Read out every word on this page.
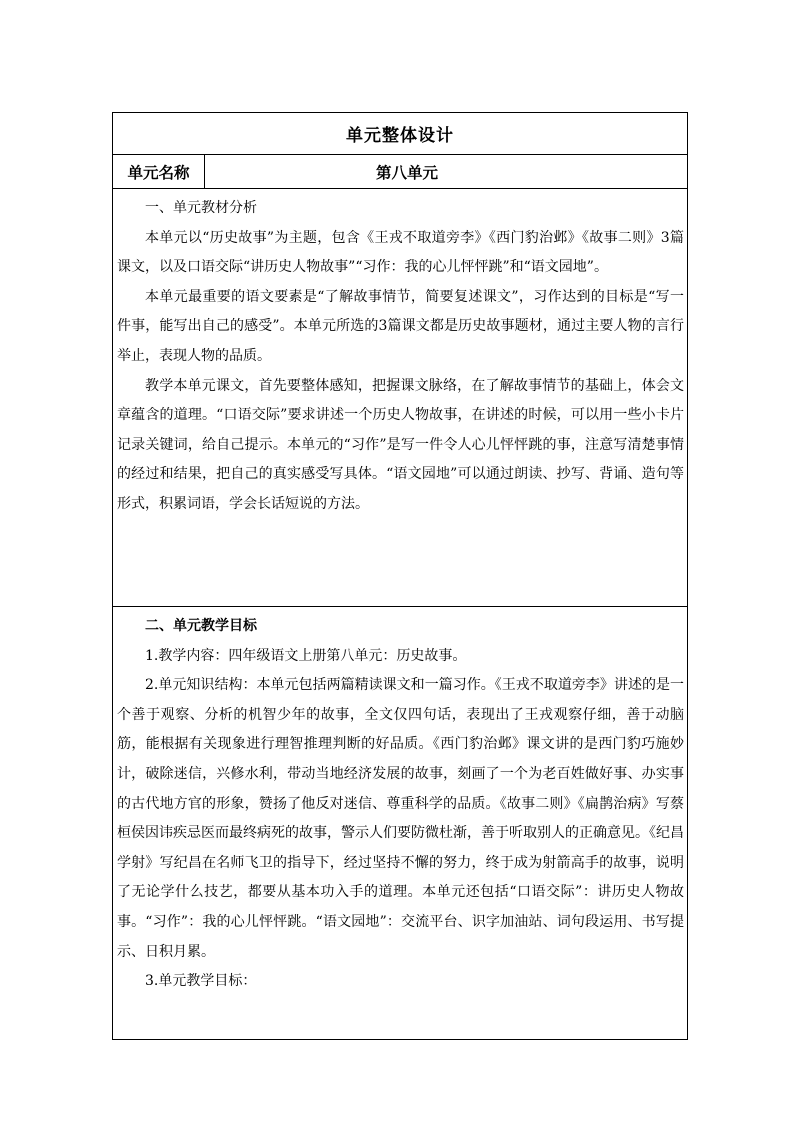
单元整体设计
单元名称	第八单元

一、单元教材分析

本单元以“历史故事”为主题，包含《王戎不取道旁李》《西门豹治邺》《故事二则》3篇课文，以及口语交际“讲历史人物故事”“习作：我的心儿怦怦跳”和“语文园地”。

本单元最重要的语文要素是“了解故事情节，简要复述课文”，习作达到的目标是“写一件事，能写出自己的感受”。本单元所选的3篇课文都是历史故事题材，通过主要人物的言行举止，表现人物的品质。

教学本单元课文，首先要整体感知，把握课文脉络，在了解故事情节的基础上，体会文章蕴含的道理。“口语交际”要求讲述一个历史人物故事，在讲述的时候，可以用一些小卡片记录关键词，给自己提示。本单元的“习作”是写一件令人心儿怦怦跳的事，注意写清楚事情的经过和结果，把自己的真实感受写具体。“语文园地”可以通过朗读、抄写、背诵、造句等形式，积累词语，学会长话短说的方法。

二、单元教学目标

1.教学内容：四年级语文上册第八单元：历史故事。

2.单元知识结构：本单元包括两篇精读课文和一篇习作。《王戎不取道旁李》讲述的是一个善于观察、分析的机智少年的故事，全文仅四句话，表现出了王戎观察仔细，善于动脑筋，能根据有关现象进行理智推理判断的好品质。《西门豹治邺》课文讲的是西门豹巧施妙计，破除迷信，兴修水利，带动当地经济发展的故事，刻画了一个为老百姓做好事、办实事的古代地方官的形象，赞扬了他反对迷信、尊重科学的品质。《故事二则》《扁鹊治病》写蔡桓侯因讳疾忌医而最终病死的故事，警示人们要防微杜渐，善于听取别人的正确意见。《纪昌学射》写纪昌在名师飞卫的指导下，经过坚持不懈的努力，终于成为射箭高手的故事，说明了无论学什么技艺，都要从基本功入手的道理。本单元还包括“口语交际”：讲历史人物故事。“习作”：我的心儿怦怦跳。“语文园地”：交流平台、识字加油站、词句段运用、书写提示、日积月累。

3.单元教学目标：
